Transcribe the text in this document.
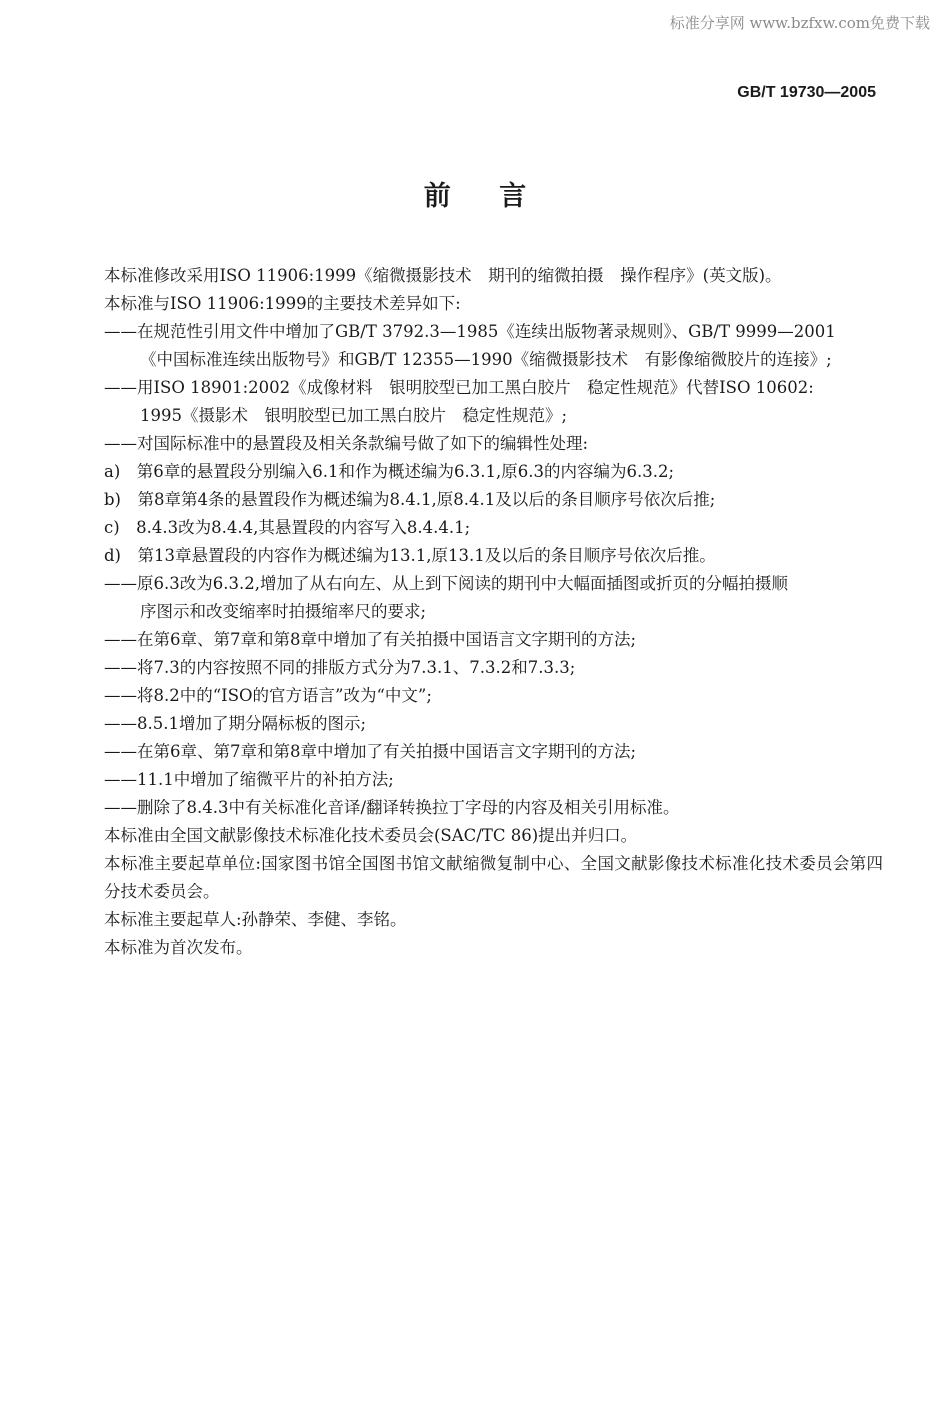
标准分享网 www.bzfxw.com免费下载
GB/T 19730—2005
前言
本标准修改采用ISO 11906:1999《缩微摄影技术　期刊的缩微拍摄　操作程序》(英文版)。
本标准与ISO 11906:1999的主要技术差异如下:
——在规范性引用文件中增加了GB/T 3792.3—1985《连续出版物著录规则》、GB/T 9999—2001
《中国标准连续出版物号》和GB/T 12355—1990《缩微摄影技术　有影像缩微胶片的连接》;
——用ISO 18901:2002《成像材料　银明胶型已加工黑白胶片　稳定性规范》代替ISO 10602:
1995《摄影术　银明胶型已加工黑白胶片　稳定性规范》;
——对国际标准中的悬置段及相关条款编号做了如下的编辑性处理:
a)　第6章的悬置段分别编入6.1和作为概述编为6.3.1,原6.3的内容编为6.3.2;
b)　第8章第4条的悬置段作为概述编为8.4.1,原8.4.1及以后的条目顺序号依次后推;
c)　8.4.3改为8.4.4,其悬置段的内容写入8.4.4.1;
d)　第13章悬置段的内容作为概述编为13.1,原13.1及以后的条目顺序号依次后推。
——原6.3改为6.3.2,增加了从右向左、从上到下阅读的期刊中大幅面插图或折页的分幅拍摄顺
序图示和改变缩率时拍摄缩率尺的要求;
——在第6章、第7章和第8章中增加了有关拍摄中国语言文字期刊的方法;
——将7.3的内容按照不同的排版方式分为7.3.1、7.3.2和7.3.3;
——将8.2中的“ISO的官方语言”改为“中文”;
——8.5.1增加了期分隔标板的图示;
——在第6章、第7章和第8章中增加了有关拍摄中国语言文字期刊的方法;
——11.1中增加了缩微平片的补拍方法;
——删除了8.4.3中有关标准化音译/翻译转换拉丁字母的内容及相关引用标准。
本标准由全国文献影像技术标准化技术委员会(SAC/TC 86)提出并归口。
本标准主要起草单位:国家图书馆全国图书馆文献缩微复制中心、全国文献影像技术标准化技术委员会第四分技术委员会。
本标准主要起草人:孙静荣、李健、李铭。
本标准为首次发布。
